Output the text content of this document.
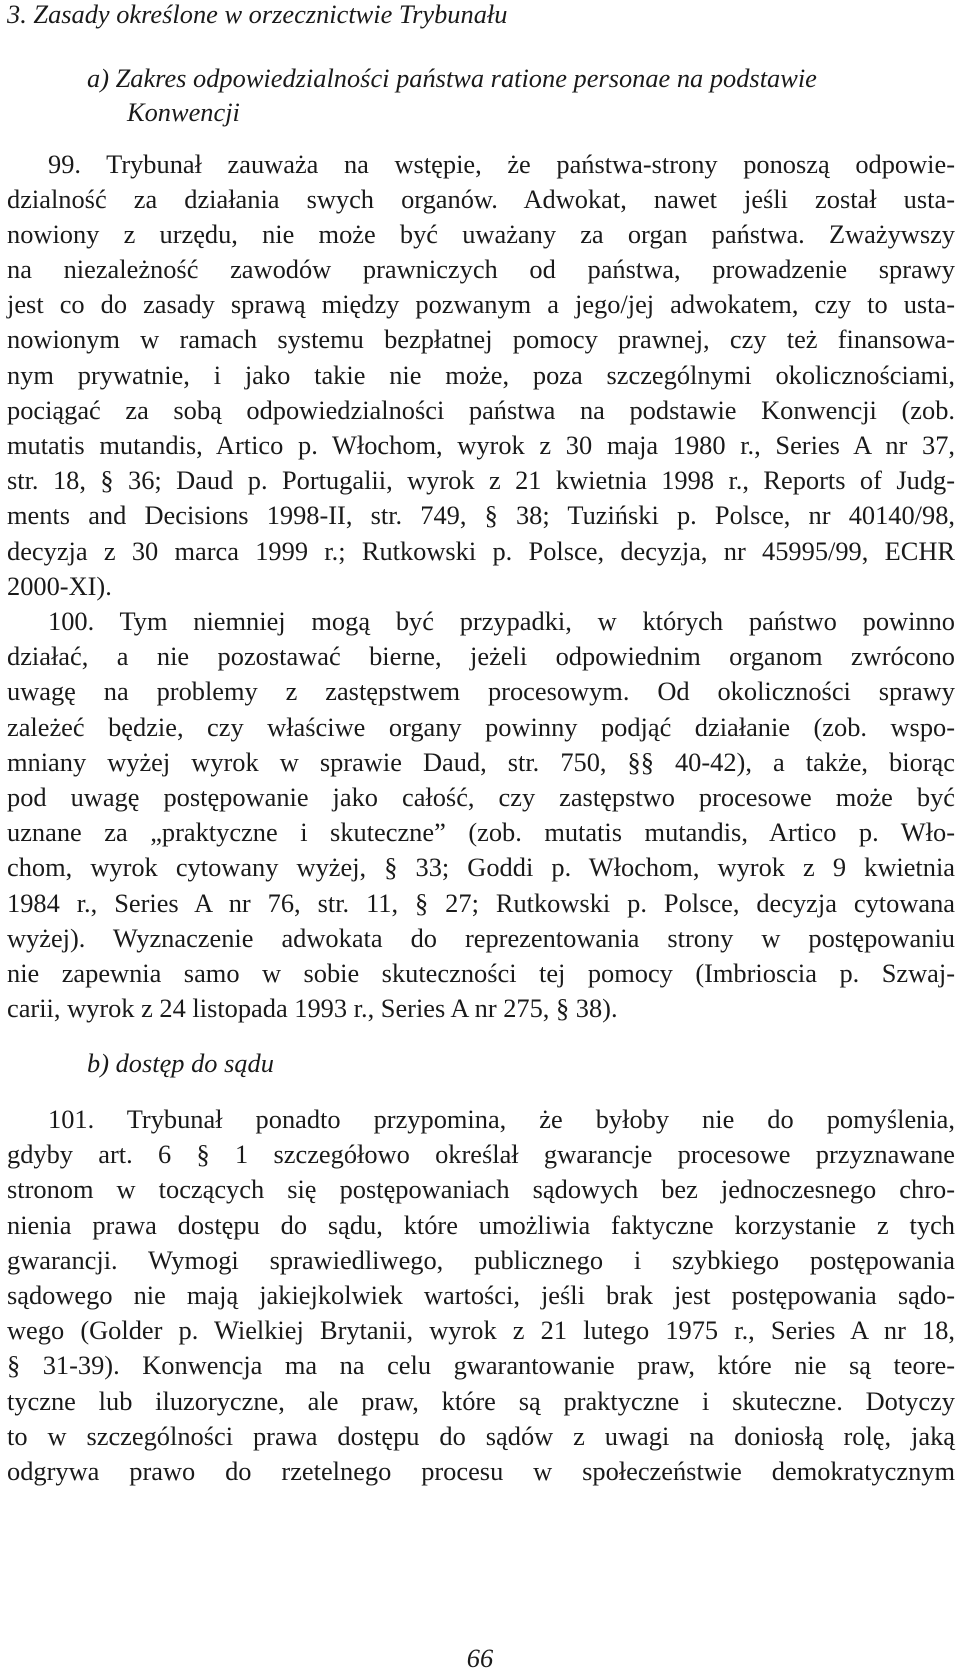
3. Zasady określone w orzecznictwie Trybunału
a) Zakres odpowiedzialności państwa ratione personae na podstawie
Konwencji
99. Trybunał zauważa na wstępie, że państwa-strony ponoszą odpowie-
dzialność za działania swych organów. Adwokat, nawet jeśli został usta-
nowiony z urzędu, nie może być uważany za organ państwa. Zważywszy
na niezależność zawodów prawniczych od państwa, prowadzenie sprawy
jest co do zasady sprawą między pozwanym a jego/jej adwokatem, czy to usta-
nowionym w ramach systemu bezpłatnej pomocy prawnej, czy też finansowa-
nym prywatnie, i jako takie nie może, poza szczególnymi okolicznościami,
pociągać za sobą odpowiedzialności państwa na podstawie Konwencji (zob.
mutatis mutandis, Artico p. Włochom, wyrok z 30 maja 1980 r., Series A nr 37,
str. 18, § 36; Daud p. Portugalii, wyrok z 21 kwietnia 1998 r., Reports of Judg-
ments and Decisions 1998-II, str. 749, § 38; Tuziński p. Polsce, nr 40140/98,
decyzja z 30 marca 1999 r.; Rutkowski p. Polsce, decyzja, nr 45995/99, ECHR
2000-XI).
100. Tym niemniej mogą być przypadki, w których państwo powinno
działać, a nie pozostawać bierne, jeżeli odpowiednim organom zwrócono
uwagę na problemy z zastępstwem procesowym. Od okoliczności sprawy
zależeć będzie, czy właściwe organy powinny podjąć działanie (zob. wspo-
mniany wyżej wyrok w sprawie Daud, str. 750, §§ 40-42), a także, biorąc
pod uwagę postępowanie jako całość, czy zastępstwo procesowe może być
uznane za „praktyczne i skuteczne” (zob. mutatis mutandis, Artico p. Wło-
chom, wyrok cytowany wyżej, § 33; Goddi p. Włochom, wyrok z 9 kwietnia
1984 r., Series A nr 76, str. 11, § 27; Rutkowski p. Polsce, decyzja cytowana
wyżej). Wyznaczenie adwokata do reprezentowania strony w postępowaniu
nie zapewnia samo w sobie skuteczności tej pomocy (Imbrioscia p. Szwaj-
carii, wyrok z 24 listopada 1993 r., Series A nr 275, § 38).
b) dostęp do sądu
101. Trybunał ponadto przypomina, że byłoby nie do pomyślenia,
gdyby art. 6 § 1 szczegółowo określał gwarancje procesowe przyznawane
stronom w toczących się postępowaniach sądowych bez jednoczesnego chro-
nienia prawa dostępu do sądu, które umożliwia faktyczne korzystanie z tych
gwarancji. Wymogi sprawiedliwego, publicznego i szybkiego postępowania
sądowego nie mają jakiejkolwiek wartości, jeśli brak jest postępowania sądo-
wego (Golder p. Wielkiej Brytanii, wyrok z 21 lutego 1975 r., Series A nr 18,
§ 31-39). Konwencja ma na celu gwarantowanie praw, które nie są teore-
tyczne lub iluzoryczne, ale praw, które są praktyczne i skuteczne. Dotyczy
to w szczególności prawa dostępu do sądów z uwagi na doniosłą rolę, jaką
odgrywa prawo do rzetelnego procesu w społeczeństwie demokratycznym
66
